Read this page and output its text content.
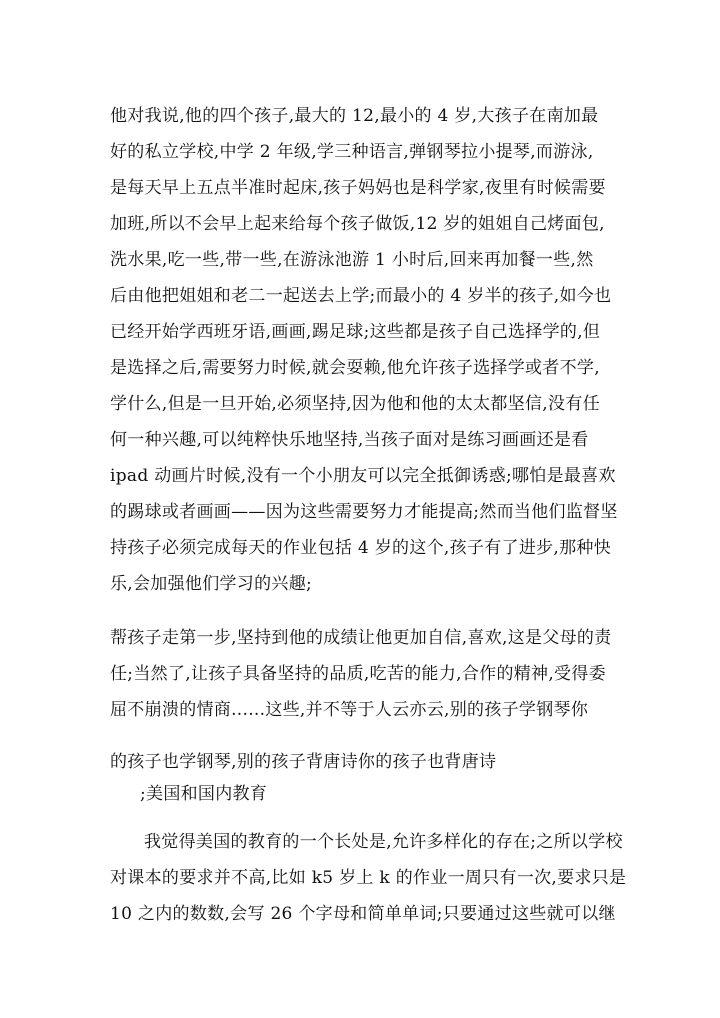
他对我说,他的四个孩子,最大的 12,最小的 4 岁,大孩子在南加最
好的私立学校,中学 2 年级,学三种语言,弹钢琴拉小提琴,而游泳,
是每天早上五点半准时起床,孩子妈妈也是科学家,夜里有时候需要
加班,所以不会早上起来给每个孩子做饭,12 岁的姐姐自己烤面包,
洗水果,吃一些,带一些,在游泳池游 1 小时后,回来再加餐一些,然
后由他把姐姐和老二一起送去上学;而最小的 4 岁半的孩子,如今也
已经开始学西班牙语,画画,踢足球;这些都是孩子自己选择学的,但
是选择之后,需要努力时候,就会耍赖,他允许孩子选择学或者不学,
学什么,但是一旦开始,必须坚持,因为他和他的太太都坚信,没有任
何一种兴趣,可以纯粹快乐地坚持,当孩子面对是练习画画还是看
ipad 动画片时候,没有一个小朋友可以完全抵御诱惑;哪怕是最喜欢
的踢球或者画画——因为这些需要努力才能提高;然而当他们监督坚
持孩子必须完成每天的作业包括 4 岁的这个,孩子有了进步,那种快
乐,会加强他们学习的兴趣;
帮孩子走第一步,坚持到他的成绩让他更加自信,喜欢,这是父母的责
任;当然了,让孩子具备坚持的品质,吃苦的能力,合作的精神,受得委
屈不崩溃的情商......这些,并不等于人云亦云,别的孩子学钢琴你
的孩子也学钢琴,别的孩子背唐诗你的孩子也背唐诗
;美国和国内教育
我觉得美国的教育的一个长处是,允许多样化的存在;之所以学校
对课本的要求并不高,比如 k5 岁上 k 的作业一周只有一次,要求只是
10 之内的数数,会写 26 个字母和简单单词;只要通过这些就可以继
